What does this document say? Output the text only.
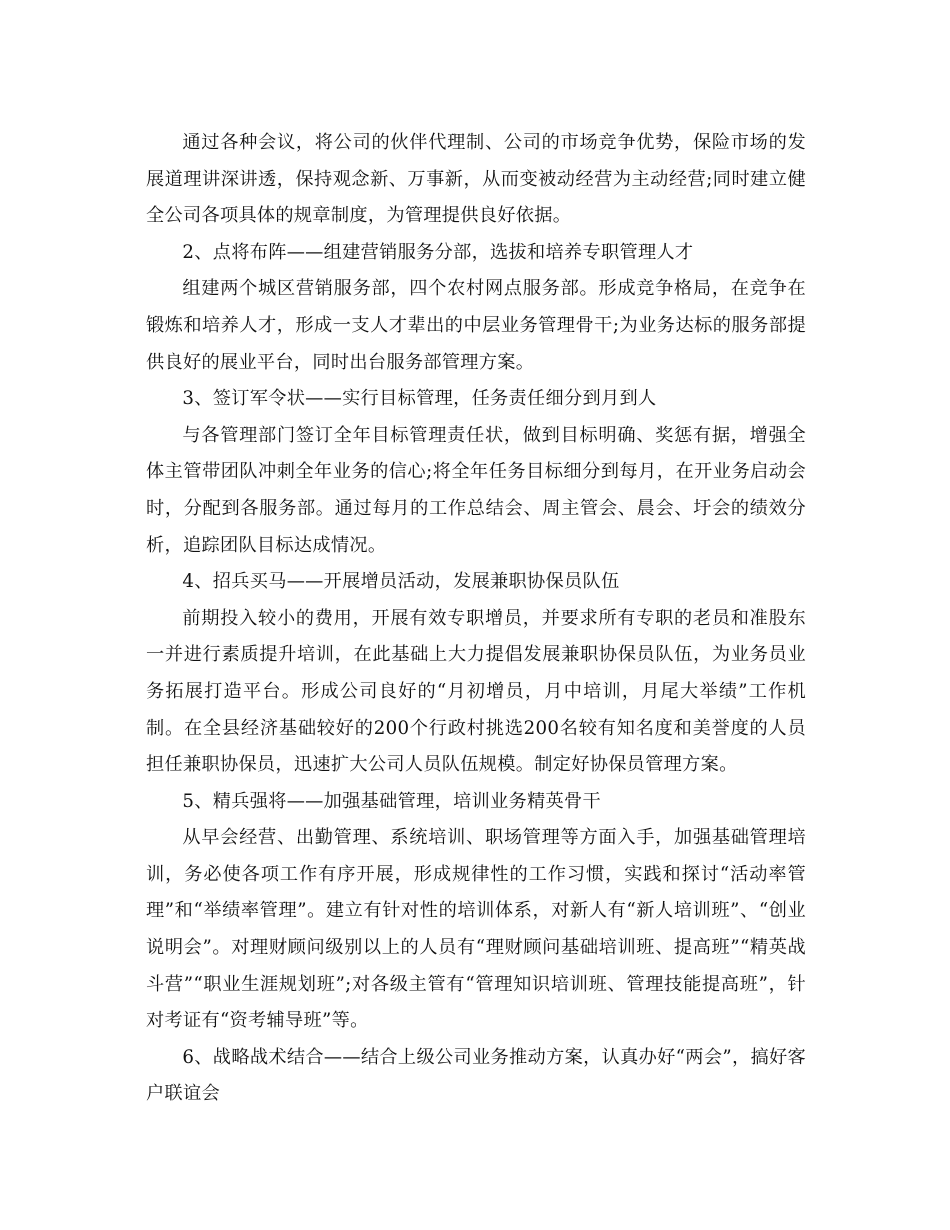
通过各种会议，将公司的伙伴代理制、公司的市场竞争优势，保险市场的发展道理讲深讲透，保持观念新、万事新，从而变被动经营为主动经营;同时建立健全公司各项具体的规章制度，为管理提供良好依据。

2、点将布阵——组建营销服务分部，选拔和培养专职管理人才

组建两个城区营销服务部，四个农村网点服务部。形成竞争格局，在竞争在锻炼和培养人才，形成一支人才辈出的中层业务管理骨干;为业务达标的服务部提供良好的展业平台，同时出台服务部管理方案。

3、签订军令状——实行目标管理，任务责任细分到月到人

与各管理部门签订全年目标管理责任状，做到目标明确、奖惩有据，增强全体主管带团队冲刺全年业务的信心;将全年任务目标细分到每月，在开业务启动会时，分配到各服务部。通过每月的工作总结会、周主管会、晨会、圩会的绩效分析，追踪团队目标达成情况。

4、招兵买马——开展增员活动，发展兼职协保员队伍

前期投入较小的费用，开展有效专职增员，并要求所有专职的老员和准股东一并进行素质提升培训，在此基础上大力提倡发展兼职协保员队伍，为业务员业务拓展打造平台。形成公司良好的“月初增员，月中培训，月尾大举绩”工作机制。在全县经济基础较好的200个行政村挑选200名较有知名度和美誉度的人员担任兼职协保员，迅速扩大公司人员队伍规模。制定好协保员管理方案。

5、精兵强将——加强基础管理，培训业务精英骨干

从早会经营、出勤管理、系统培训、职场管理等方面入手，加强基础管理培训，务必使各项工作有序开展，形成规律性的工作习惯，实践和探讨“活动率管理”和“举绩率管理”。建立有针对性的培训体系，对新人有“新人培训班”、“创业说明会”。对理财顾问级别以上的人员有“理财顾问基础培训班、提高班”“精英战斗营”“职业生涯规划班”;对各级主管有“管理知识培训班、管理技能提高班”，针对考证有“资考辅导班”等。

6、战略战术结合——结合上级公司业务推动方案，认真办好“两会”，搞好客户联谊会
